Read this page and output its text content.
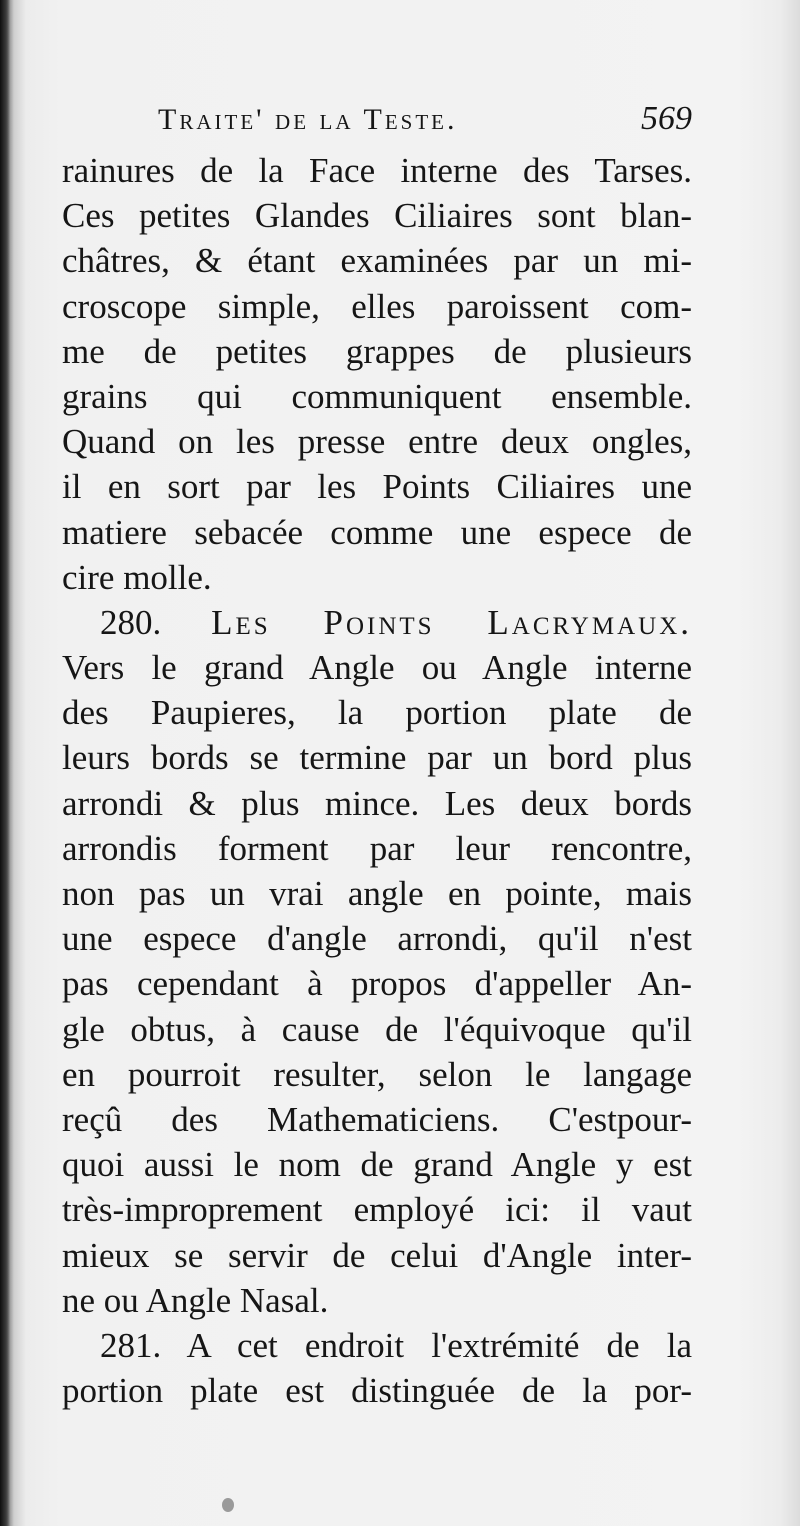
Traite' de la Teste.	569
rainures de la Face interne des Tarses.
Ces petites Glandes Ciliaires sont blan-
châtres, & étant examinées par un mi-
croscope simple, elles paroissent com-
me de petites grappes de plusieurs
grains qui communiquent ensemble.
Quand on les presse entre deux ongles,
il en sort par les Points Ciliaires une
matiere sebacée comme une espece de
cire molle.
280. Les Points Lacrymaux.
Vers le grand Angle ou Angle interne
des Paupieres, la portion plate de
leurs bords se termine par un bord plus
arrondi & plus mince. Les deux bords
arrondis forment par leur rencontre,
non pas un vrai angle en pointe, mais
une espece d'angle arrondi, qu'il n'est
pas cependant à propos d'appeller An-
gle obtus, à cause de l'équivoque qu'il
en pourroit resulter, selon le langage
reçû des Mathematiciens. C'estpour-
quoi aussi le nom de grand Angle y est
très-improprement employé ici: il vaut
mieux se servir de celui d'Angle inter-
ne ou Angle Nasal.
281. A cet endroit l'extrémité de la
portion plate est distinguée de la por-
